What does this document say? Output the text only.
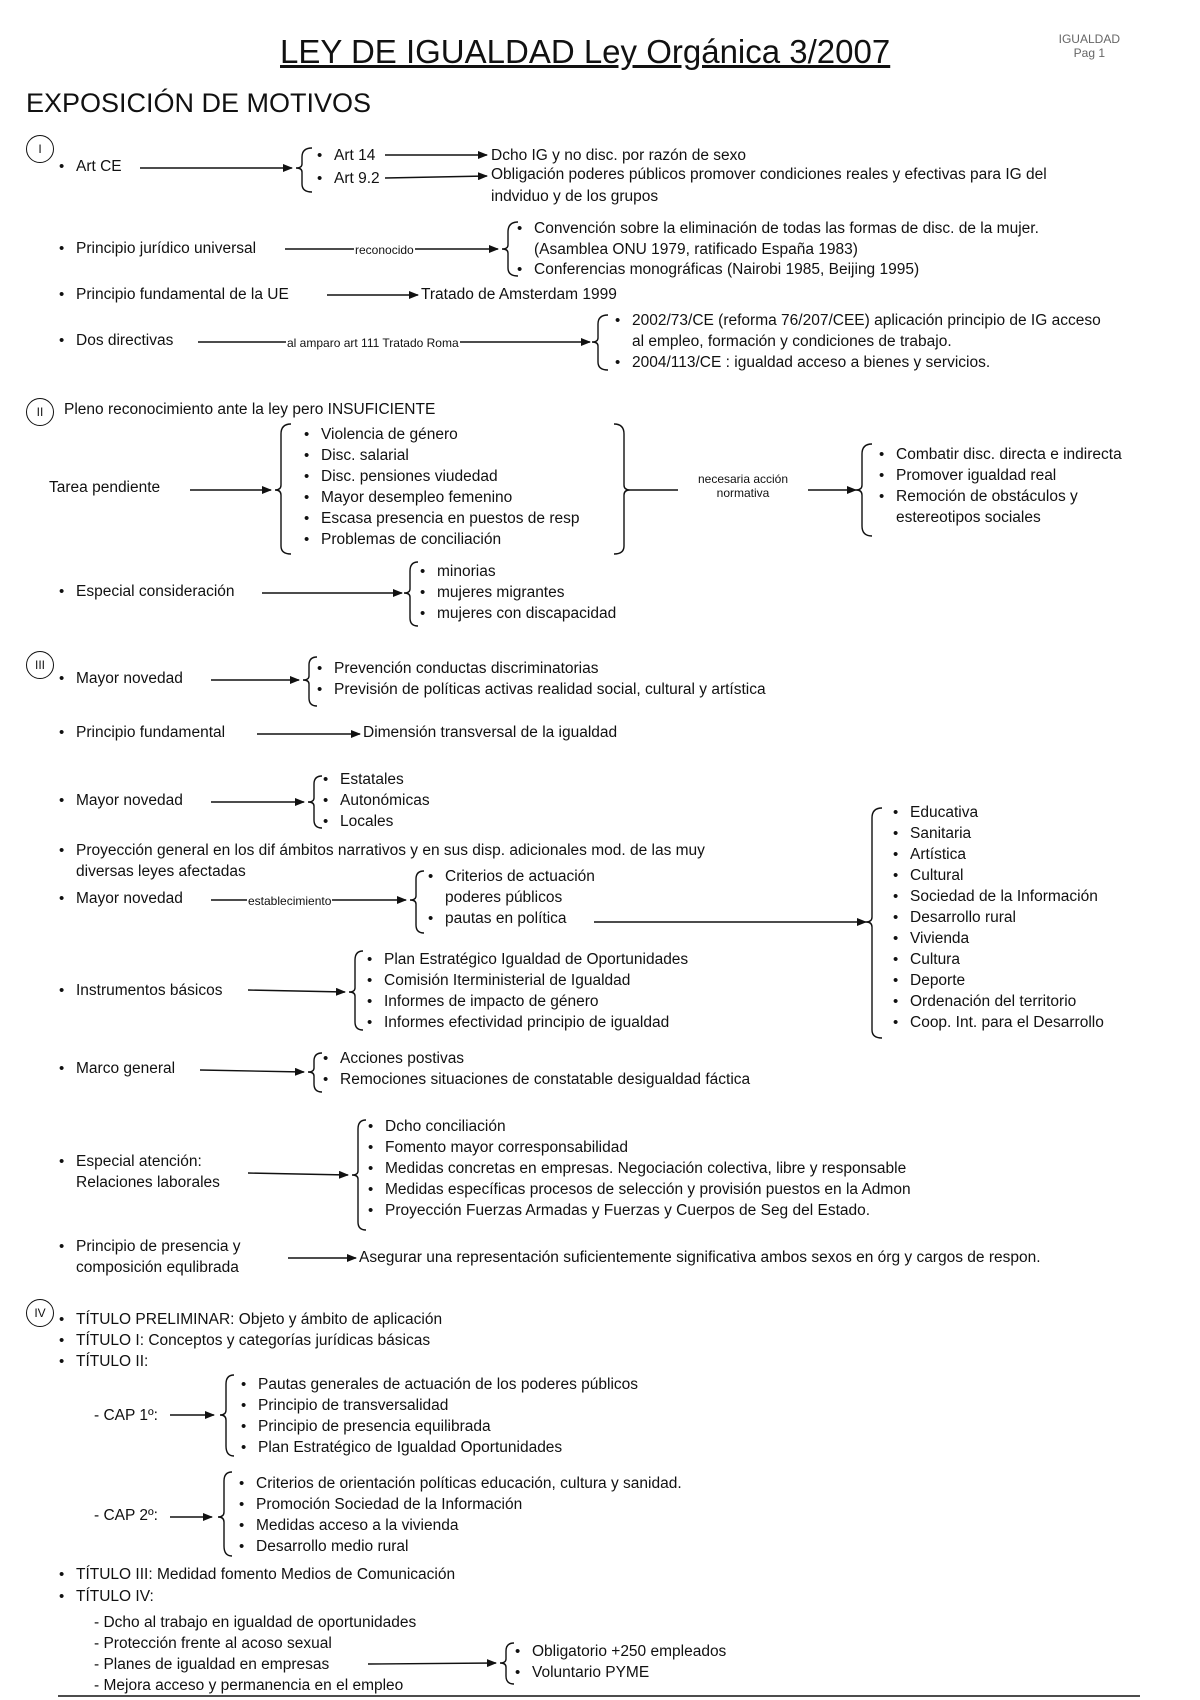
LEY DE IGUALDAD Ley Orgánica 3/2007	IGUALDAD
Pag 1
EXPOSICIÓN DE MOTIVOS
I
II
III
IV
• Art CE
• Art 14
• Art 9.2
Dcho IG y no disc. por razón de sexo
Obligación poderes públicos promover condiciones reales y efectivas para IG del
indviduo y de los grupos
• Principio jurídico universal	reconocido
• Convención sobre la eliminación de todas las formas de disc. de la mujer.
(Asamblea ONU 1979, ratificado España 1983)
• Conferencias monográficas (Nairobi 1985, Beijing 1995)
• Principio fundamental de la UE	Tratado de Amsterdam 1999
• Dos directivas	al amparo art 111 Tratado Roma
• 2002/73/CE (reforma 76/207/CEE) aplicación principio de IG acceso
al empleo, formación y condiciones de trabajo.
• 2004/113/CE : igualdad acceso a bienes y servicios.
Pleno reconocimiento ante la ley pero INSUFICIENTE
Tarea pendiente
• Violencia de género
• Disc. salarial
• Disc. pensiones viudedad
• Mayor desempleo femenino
• Escasa presencia en puestos de resp
• Problemas de conciliación
necesaria acción
normativa
• Combatir disc. directa e indirecta
• Promover igualdad real
• Remoción de obstáculos y
estereotipos sociales
• Especial consideración
• minorias
• mujeres migrantes
• mujeres con discapacidad
• Mayor novedad
• Prevención conductas discriminatorias
• Previsión de políticas activas realidad social, cultural y artística
• Principio fundamental	Dimensión transversal de la igualdad
• Mayor novedad
• Estatales
• Autonómicas
• Locales
• Proyección general en los dif ámbitos narrativos y en sus disp. adicionales mod. de las muy
diversas leyes afectadas
• Mayor novedad	establecimiento
• Criterios de actuación
poderes públicos
• pautas en política
• Educativa
• Sanitaria
• Artística
• Cultural
• Sociedad de la Información
• Desarrollo rural
• Vivienda
• Cultura
• Deporte
• Ordenación del territorio
• Coop. Int. para el Desarrollo
• Instrumentos básicos
• Plan Estratégico Igualdad de Oportunidades
• Comisión Iterministerial de Igualdad
• Informes de impacto de género
• Informes efectividad principio de igualdad
• Marco general
• Acciones postivas
• Remociones situaciones de constatable desigualdad fáctica
• Especial atención:
Relaciones laborales
• Dcho conciliación
• Fomento mayor corresponsabilidad
• Medidas concretas en empresas. Negociación colectiva, libre y responsable
• Medidas específicas procesos de selección y provisión puestos en la Admon
• Proyección Fuerzas Armadas y Fuerzas y Cuerpos de Seg del Estado.
• Principio de presencia y
composición equlibrada
Asegurar una representación suficientemente significativa ambos sexos en órg y cargos de respon.
• TÍTULO PRELIMINAR: Objeto y ámbito de aplicación
• TÍTULO I: Conceptos y categorías jurídicas básicas
• TÍTULO II:
- CAP 1º:
• Pautas generales de actuación de los poderes públicos
• Principio de transversalidad
• Principio de presencia equilibrada
• Plan Estratégico de Igualdad Oportunidades
- CAP 2º:
• Criterios de orientación políticas educación, cultura y sanidad.
• Promoción Sociedad de la Información
• Medidas acceso a la vivienda
• Desarrollo medio rural
• TÍTULO III: Medidad fomento Medios de Comunicación
• TÍTULO IV:
- Dcho al trabajo en igualdad de oportunidades
- Protección frente al acoso sexual
- Planes de igualdad en empresas
- Mejora acceso y permanencia en el empleo
• Obligatorio +250 empleados
• Voluntario PYME
